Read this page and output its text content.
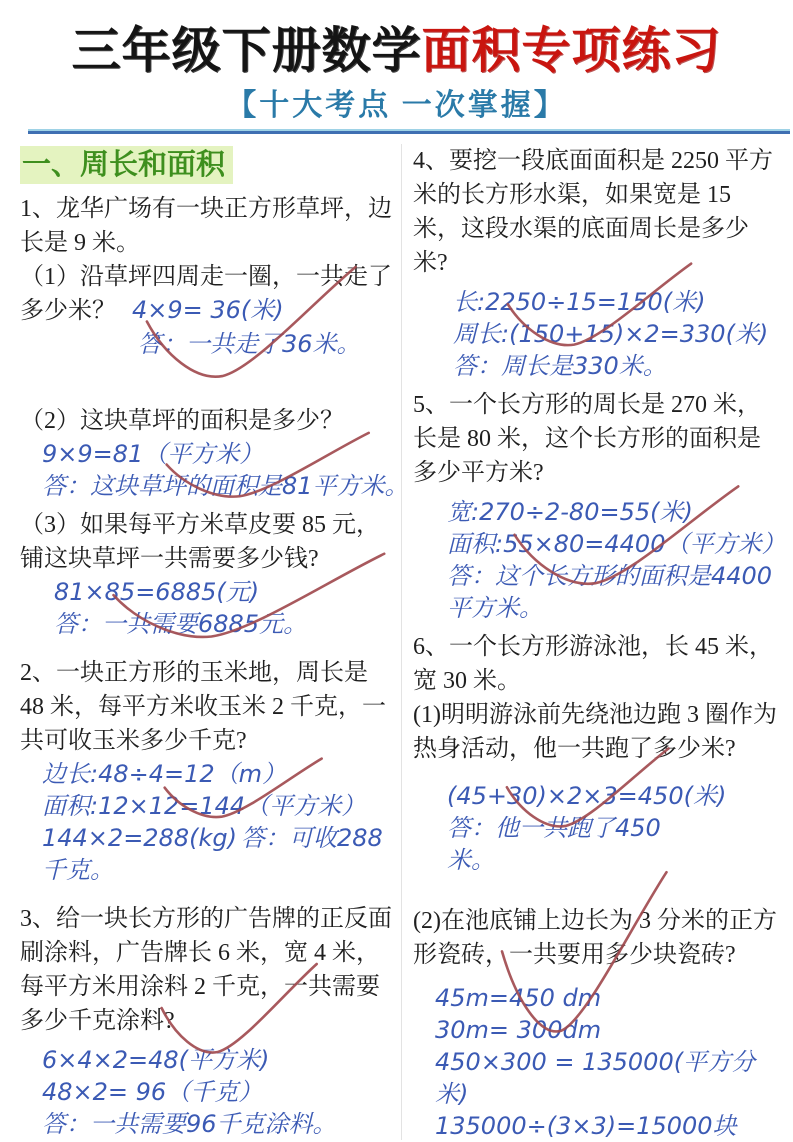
三年级下册数学面积专项练习
【十大考点 一次掌握】
一、周长和面积

1、龙华广场有一块正方形草坪，边长是 9 米。

（1）沿草坪四周走一圈，一共走了多少米？ 4×9= 36(米)

答：一共走了36米。

（2）这块草坪的面积是多少？

9×9=81（平方米）

答：这块草坪的面积是81平方米。

（3）如果每平方米草皮要 85 元，铺这块草坪一共需要多少钱?

81×85=6885(元)

答：一共需要6885元。

2、一块正方形的玉米地，周长是 48 米，每平方米收玉米 2 千克，一共可收玉米多少千克?

边长:48÷4=12（m）

面积:12×12=144（平方米）

144×2=288(kg) 答：可收288千克。

3、给一块长方形的广告牌的正反面刷涂料，广告牌长 6 米，宽 4 米，每平方米用涂料 2 千克，一共需要多少千克涂料?

6×4×2=48(平方米)

48×2= 96（千克）

答：一共需要96千克涂料。

4、要挖一段底面面积是 2250 平方米的长方形水渠，如果宽是 15 米，这段水渠的底面周长是多少米?

长:2250÷15=150(米)

周长:(150+15)×2=330(米)

答：周长是330米。

5、一个长方形的周长是 270 米，长是 80 米，这个长方形的面积是多少平方米?

宽:270÷2-80=55(米)

面积:55×80=4400（平方米）

答：这个长方形的面积是4400平方米。

6、一个长方形游泳池，长 45 米，宽 30 米。

(1)明明游泳前先绕池边跑 3 圈作为热身活动，他一共跑了多少米?

(45+30)×2×3=450(米)

答：他一共跑了450 米。

(2)在池底铺上边长为 3 分米的正方形瓷砖，一共要用多少块瓷砖?

45m=450 dm

30m= 300dm

450×300 = 135000(平方分米)

135000÷(3×3)=15000块
